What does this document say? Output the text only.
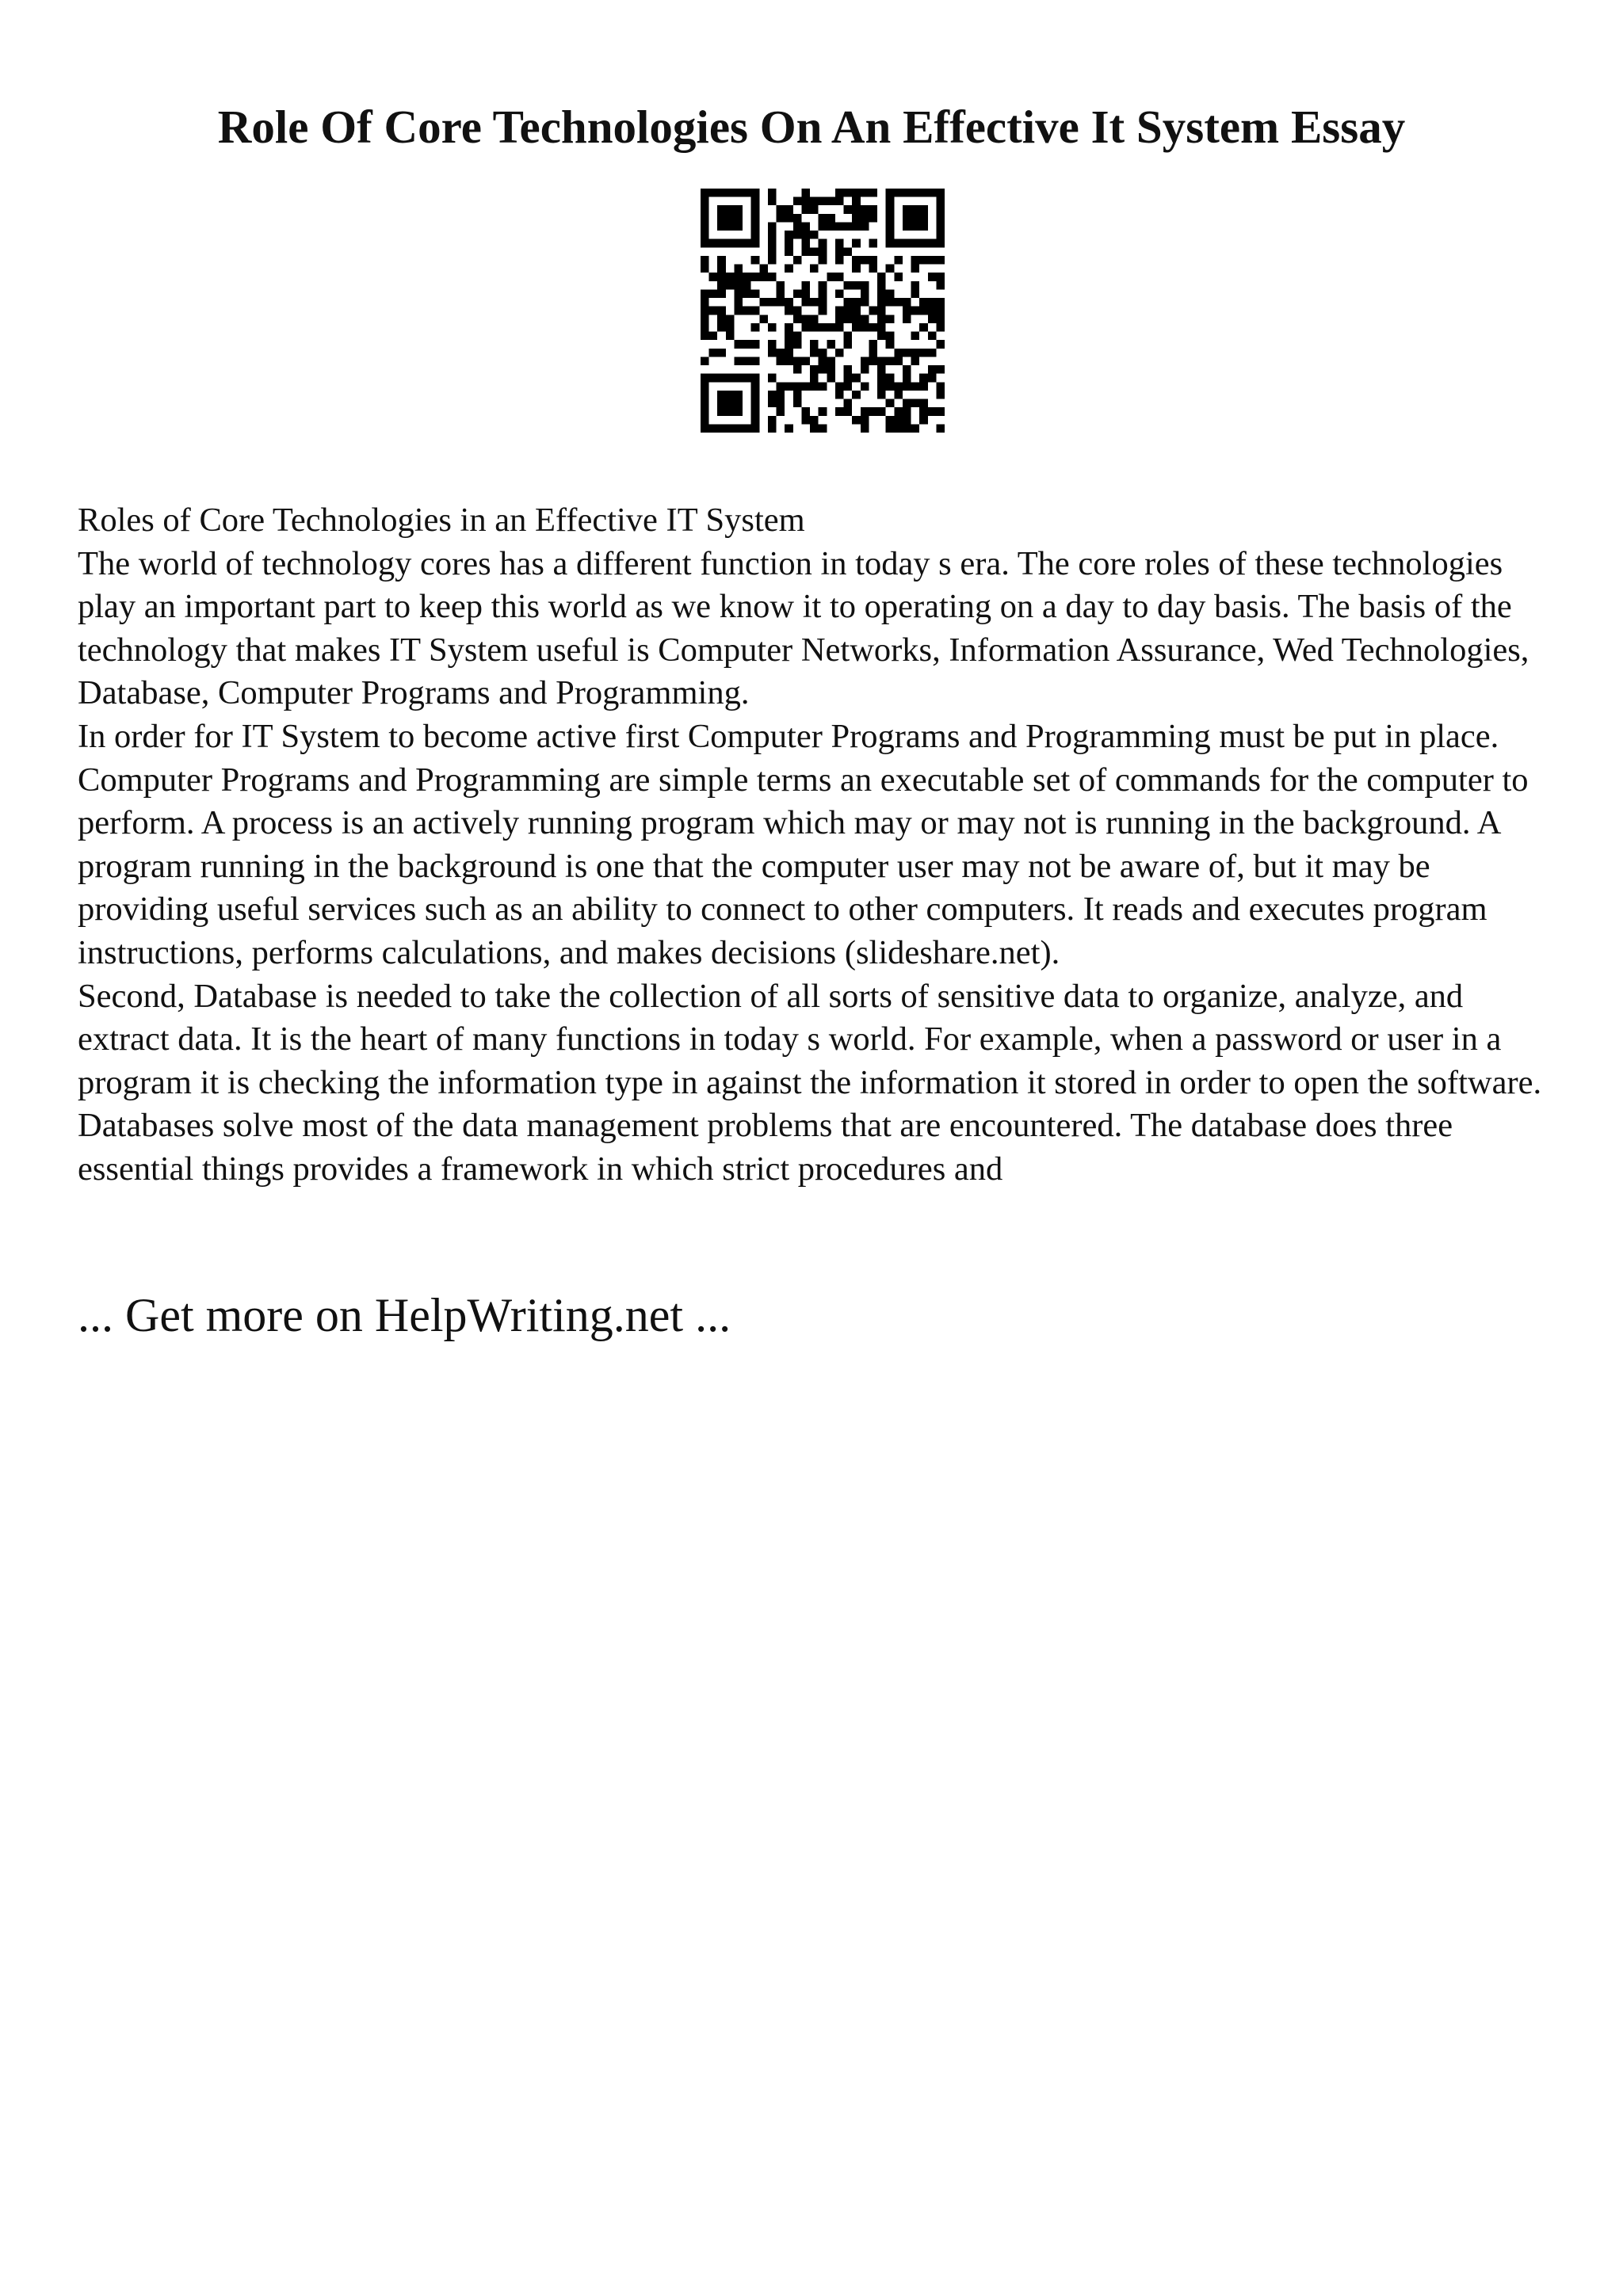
Role Of Core Technologies On An Effective It System Essay

Roles of Core Technologies in an Effective IT System

The world of technology cores has a different function in today s era. The core roles of these technologies play an important part to keep this world as we know it to operating on a day to day basis. The basis of the technology that makes IT System useful is Computer Networks, Information Assurance, Wed Technologies, Database, Computer Programs and Programming.

In order for IT System to become active first Computer Programs and Programming must be put in place. Computer Programs and Programming are simple terms an executable set of commands for the computer to perform. A process is an actively running program which may or may not is running in the background. A program running in the background is one that the computer user may not be aware of, but it may be providing useful services such as an ability to connect to other computers. It reads and executes program instructions, performs calculations, and makes decisions (slideshare.net).

Second, Database is needed to take the collection of all sorts of sensitive data to organize, analyze, and extract data. It is the heart of many functions in today s world. For example, when a password or user in a program it is checking the information type in against the information it stored in order to open the software. Databases solve most of the data management problems that are encountered. The database does three essential things provides a framework in which strict procedures and

... Get more on HelpWriting.net ...
